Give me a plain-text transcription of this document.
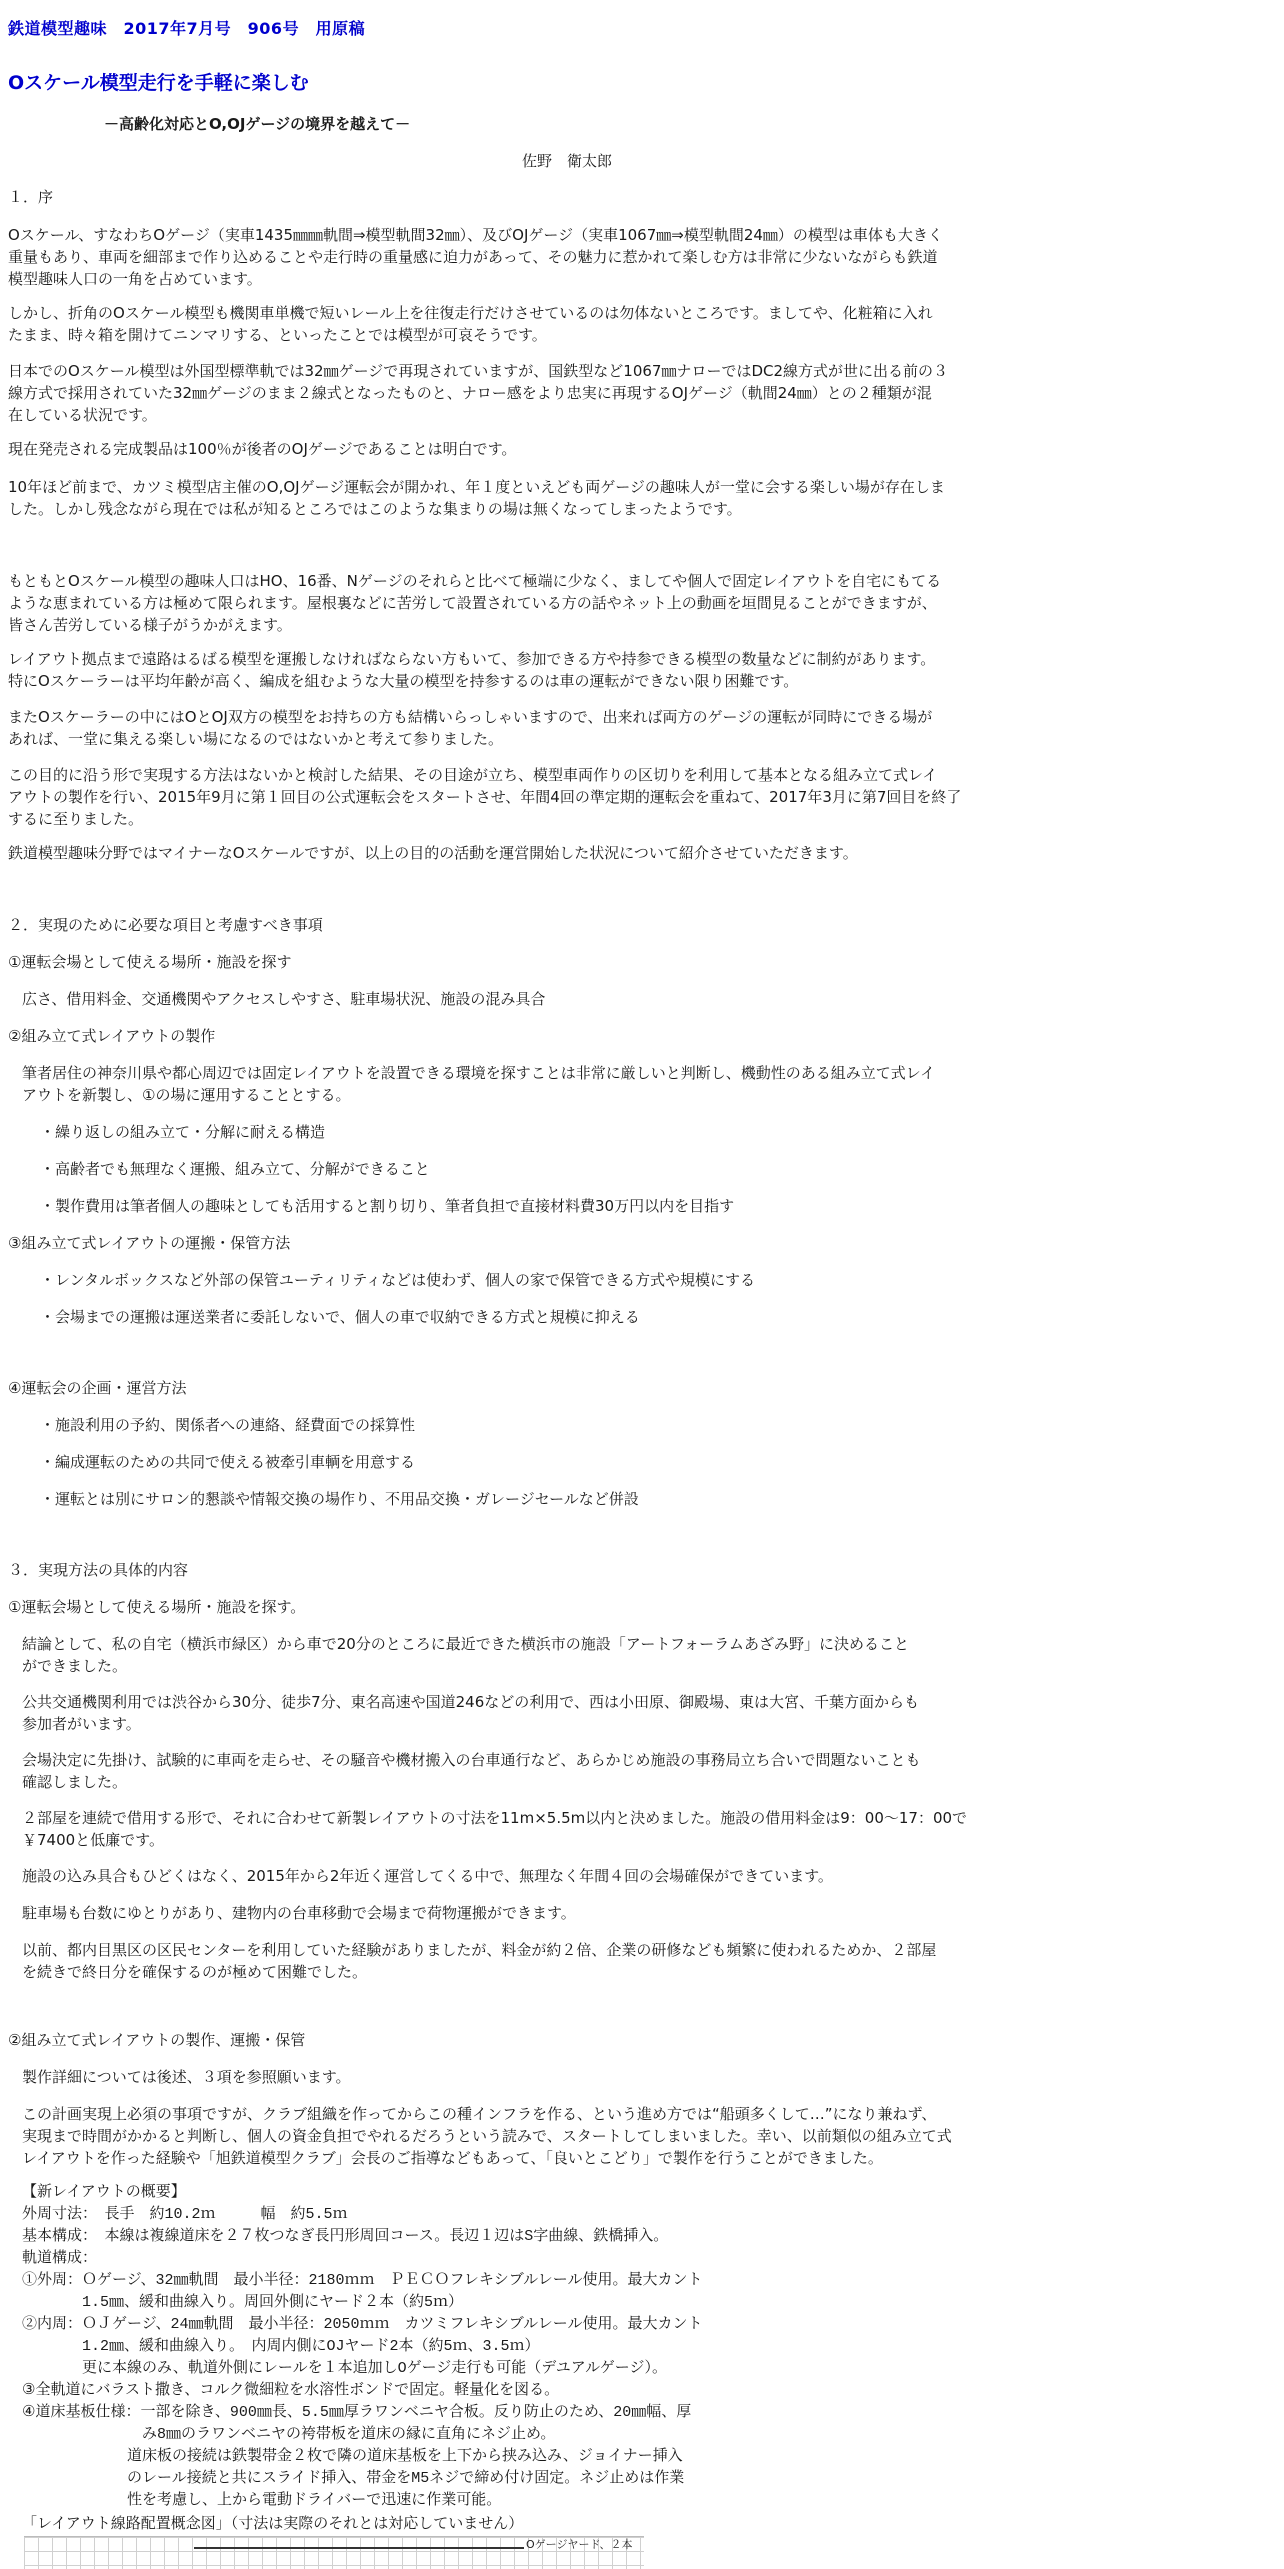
鉄道模型趣味　2017年7月号　906号　用原稿
Oスケール模型走行を手軽に楽しむ
－高齢化対応とO,OJゲージの境界を越えて－
佐野　衛太郎

１．序

Oスケール、すなわちOゲージ（実車1435㎜㎜軌間⇒模型軌間32㎜）、及びOJゲージ（実車1067㎜⇒模型軌間24㎜）の模型は車体も大きく
重量もあり、車両を細部まで作り込めることや走行時の重量感に迫力があって、その魅力に惹かれて楽しむ方は非常に少ないながらも鉄道
模型趣味人口の一角を占めています。

しかし、折角のOスケール模型も機関車単機で短いレール上を往復走行だけさせているのは勿体ないところです。ましてや、化粧箱に入れ
たまま、時々箱を開けてニンマリする、といったことでは模型が可哀そうです。

日本でのOスケール模型は外国型標準軌では32㎜ゲージで再現されていますが、国鉄型など1067㎜ナローではDC2線方式が世に出る前の３
線方式で採用されていた32㎜ゲージのまま２線式となったものと、ナロー感をより忠実に再現するOJゲージ（軌間24㎜）との２種類が混
在している状況です。

現在発売される完成製品は100％が後者のOJゲージであることは明白です。

10年ほど前まで、カツミ模型店主催のO,OJゲージ運転会が開かれ、年１度といえども両ゲージの趣味人が一堂に会する楽しい場が存在しま
した。しかし残念ながら現在では私が知るところではこのような集まりの場は無くなってしまったようです。

もともとOスケール模型の趣味人口はHO、16番、Nゲージのそれらと比べて極端に少なく、ましてや個人で固定レイアウトを自宅にもてる
ような恵まれている方は極めて限られます。屋根裏などに苦労して設置されている方の話やネット上の動画を垣間見ることができますが、
皆さん苦労している様子がうかがえます。

レイアウト拠点まで遠路はるばる模型を運搬しなければならない方もいて、参加できる方や持参できる模型の数量などに制約があります。
特にOスケーラーは平均年齢が高く、編成を組むような大量の模型を持参するのは車の運転ができない限り困難です。

またOスケーラーの中にはOとOJ双方の模型をお持ちの方も結構いらっしゃいますので、出来れば両方のゲージの運転が同時にできる場が
あれば、一堂に集える楽しい場になるのではないかと考えて参りました。

この目的に沿う形で実現する方法はないかと検討した結果、その目途が立ち、模型車両作りの区切りを利用して基本となる組み立て式レイ
アウトの製作を行い、2015年9月に第１回目の公式運転会をスタートさせ、年間4回の準定期的運転会を重ねて、2017年3月に第7回目を終了
するに至りました。

鉄道模型趣味分野ではマイナーなOスケールですが、以上の目的の活動を運営開始した状況について紹介させていただきます。

２．実現のために必要な項目と考慮すべき事項

①運転会場として使える場所・施設を探す

広さ、借用料金、交通機関やアクセスしやすさ、駐車場状況、施設の混み具合

②組み立て式レイアウトの製作

筆者居住の神奈川県や都心周辺では固定レイアウトを設置できる環境を探すことは非常に厳しいと判断し、機動性のある組み立て式レイ
アウトを新製し、①の場に運用することとする。

・繰り返しの組み立て・分解に耐える構造

・高齢者でも無理なく運搬、組み立て、分解ができること

・製作費用は筆者個人の趣味としても活用すると割り切り、筆者負担で直接材料費30万円以内を目指す

③組み立て式レイアウトの運搬・保管方法

・レンタルボックスなど外部の保管ユーティリティなどは使わず、個人の家で保管できる方式や規模にする

・会場までの運搬は運送業者に委託しないで、個人の車で収納できる方式と規模に抑える

④運転会の企画・運営方法

・施設利用の予約、関係者への連絡、経費面での採算性

・編成運転のための共同で使える被牽引車輌を用意する

・運転とは別にサロン的懇談や情報交換の場作り、不用品交換・ガレージセールなど併設

３．実現方法の具体的内容

①運転会場として使える場所・施設を探す。

結論として、私の自宅（横浜市緑区）から車で20分のところに最近できた横浜市の施設「アートフォーラムあざみ野」に決めること
ができました。

公共交通機関利用では渋谷から30分、徒歩7分、東名高速や国道246などの利用で、西は小田原、御殿場、東は大宮、千葉方面からも
参加者がいます。

会場決定に先掛け、試験的に車両を走らせ、その騒音や機材搬入の台車通行など、あらかじめ施設の事務局立ち合いで問題ないことも
確認しました。

２部屋を連続で借用する形で、それに合わせて新製レイアウトの寸法を11m×5.5m以内と決めました。施設の借用料金は9：00～17：00で
￥7400と低廉です。

施設の込み具合もひどくはなく、2015年から2年近く運営してくる中で、無理なく年間４回の会場確保ができています。

駐車場も台数にゆとりがあり、建物内の台車移動で会場まで荷物運搬ができます。

以前、都内目黒区の区民センターを利用していた経験がありましたが、料金が約２倍、企業の研修なども頻繁に使われるためか、２部屋
を続きで終日分を確保するのが極めて困難でした。

②組み立て式レイアウトの製作、運搬・保管

製作詳細については後述、３項を参照願います。

この計画実現上必須の事項ですが、クラブ組織を作ってからこの種インフラを作る、という進め方では“船頭多くして…”になり兼ねず、
実現まで時間がかかると判断し、個人の資金負担でやれるだろうという読みで、スタートしてしまいました。幸い、以前類似の組み立て式
レイアウトを作った経験や「旭鉄道模型クラブ」会長のご指導などもあって、「良いとこどり」で製作を行うことができました。

【新レイアウトの概要】
外周寸法：　長手　約10.2ｍ　　　幅　約5.5ｍ
基本構成：　本線は複線道床を２７枚つなぎ長円形周回コース。長辺１辺はS字曲線、鉄橋挿入。
軌道構成：
①外周：Ｏゲージ、32㎜軌間　最小半径：2180ｍｍ　ＰＥＣＯフレキシブルレール使用。最大カント
　　　　1.5㎜、緩和曲線入り。周回外側にヤード２本（約5ｍ）
②内周：ＯＪゲージ、24㎜軌間　最小半径：2050ｍｍ　カツミフレキシブルレール使用。最大カント
　　　　1.2㎜、緩和曲線入り。　内周内側にOJヤード2本（約5ｍ、3.5ｍ）
　　　　更に本線のみ、軌道外側にレールを１本追加しOゲージ走行も可能（デユアルゲージ）。
③全軌道にバラスト撒き、コルク微細粒を水溶性ボンドで固定。軽量化を図る。
④道床基板仕様：一部を除き、900㎜長、5.5㎜厚ラワンベニヤ合板。反り防止のため、20㎜幅、厚
　　　　　　　　み8㎜のラワンベニヤの袴帯板を道床の縁に直角にネジ止め。
　　　　　　　道床板の接続は鉄製帯金２枚で隣の道床基板を上下から挟み込み、ジョイナー挿入
　　　　　　　のレール接続と共にスライド挿入、帯金をM5ネジで締め付け固定。ネジ止めは作業
　　　　　　　性を考慮し、上から電動ドライバーで迅速に作業可能。

「レイアウト線路配置概念図」（寸法は実際のそれとは対応していません）

Oゲージヤード、２本
